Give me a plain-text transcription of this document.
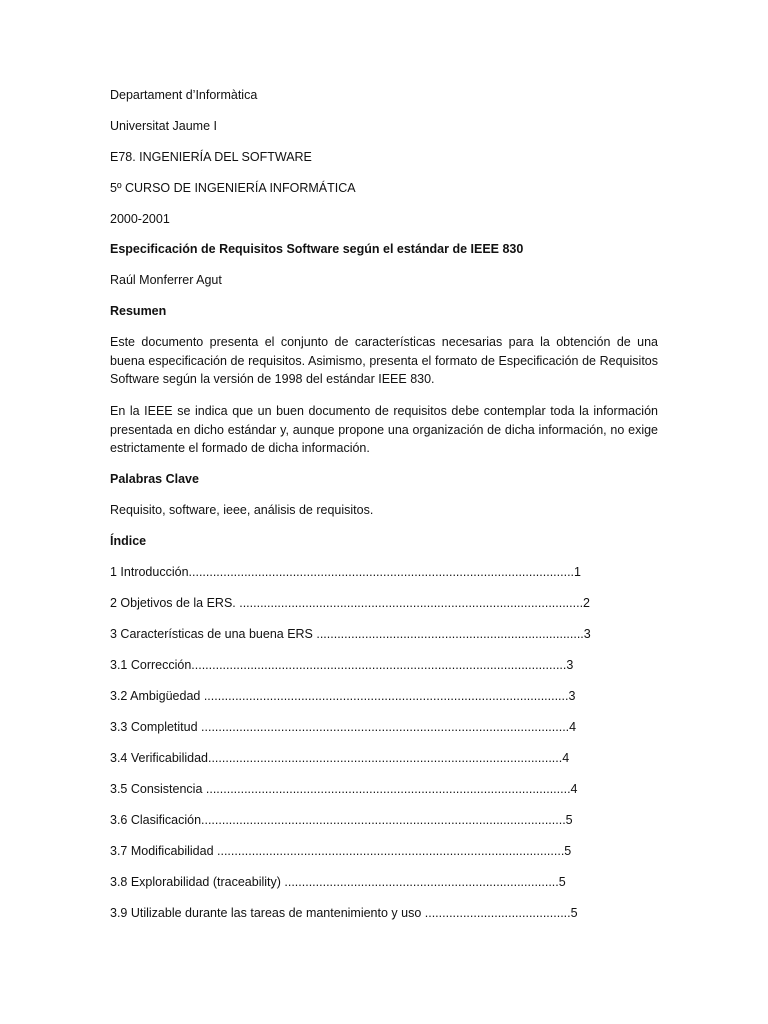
Departament d’Informàtica
Universitat Jaume I
E78. INGENIERÍA DEL SOFTWARE
5º CURSO DE INGENIERÍA INFORMÁTICA
2000-2001
Especificación de Requisitos Software según el estándar de IEEE 830
Raúl Monferrer Agut
Resumen
Este documento presenta el conjunto de características necesarias para la obtención de una buena especificación de requisitos. Asimismo, presenta el formato de Especificación de Requisitos Software según la versión de 1998 del estándar IEEE 830.
En la IEEE se indica que un buen documento de requisitos debe contemplar toda la información presentada en dicho estándar y, aunque propone una organización de dicha información, no exige estrictamente el formado de dicha información.
Palabras Clave
Requisito, software, ieee, análisis de requisitos.
Índice
1 Introducción...............................................................................................................1
2 Objetivos de la ERS. ...................................................................................................2
3 Características de una buena ERS .............................................................................3
3.1 Corrección............................................................................................................3
3.2 Ambigüedad .........................................................................................................3
3.3 Completitud ..........................................................................................................4
3.4 Verificabilidad......................................................................................................4
3.5 Consistencia .........................................................................................................4
3.6 Clasificación.........................................................................................................5
3.7 Modificabilidad ....................................................................................................5
3.8 Explorabilidad (traceability) ...............................................................................5
3.9 Utilizable durante las tareas de mantenimiento y uso ..........................................5
